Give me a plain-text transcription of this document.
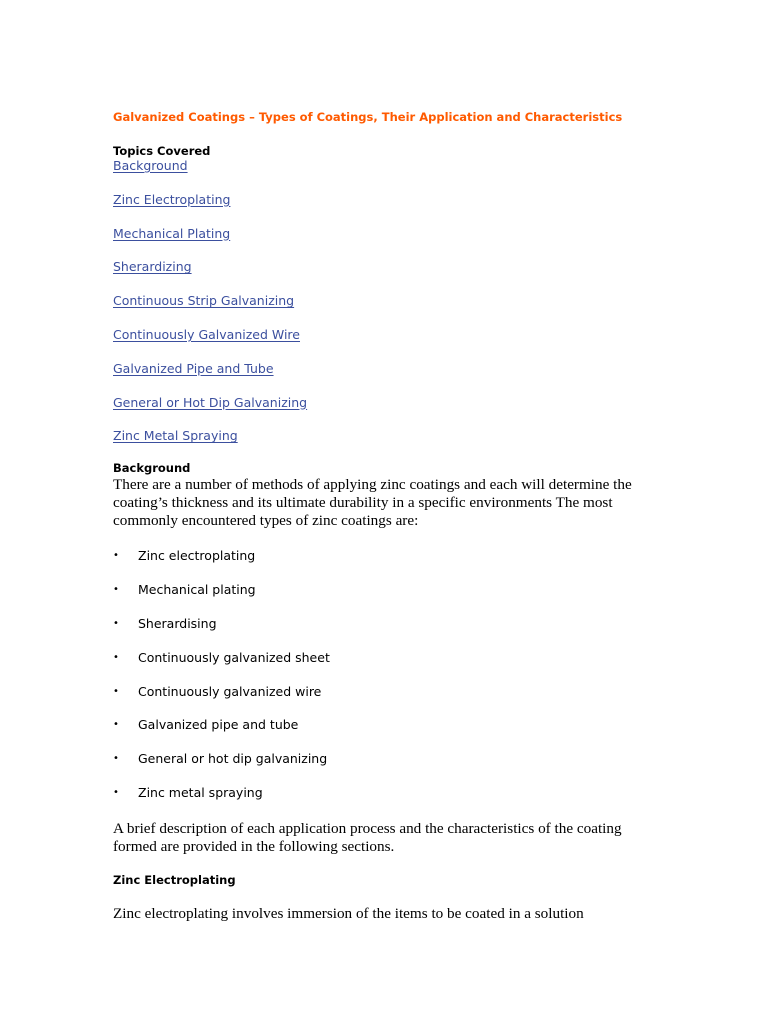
Galvanized Coatings – Types of Coatings, Their Application and Characteristics
Topics Covered
Background
Zinc Electroplating
Mechanical Plating
Sherardizing
Continuous Strip Galvanizing
Continuously Galvanized Wire
Galvanized Pipe and Tube
General or Hot Dip Galvanizing
Zinc Metal Spraying
Background

There are a number of methods of applying zinc coatings and each will determine the coating’s thickness and its ultimate durability in a specific environments The most commonly encountered types of zinc coatings are:

• Zinc electroplating
• Mechanical plating
• Sherardising
• Continuously galvanized sheet
• Continuously galvanized wire
• Galvanized pipe and tube
• General or hot dip galvanizing
• Zinc metal spraying

A brief description of each application process and the characteristics of the coating formed are provided in the following sections.

Zinc Electroplating

Zinc electroplating involves immersion of the items to be coated in a solution
